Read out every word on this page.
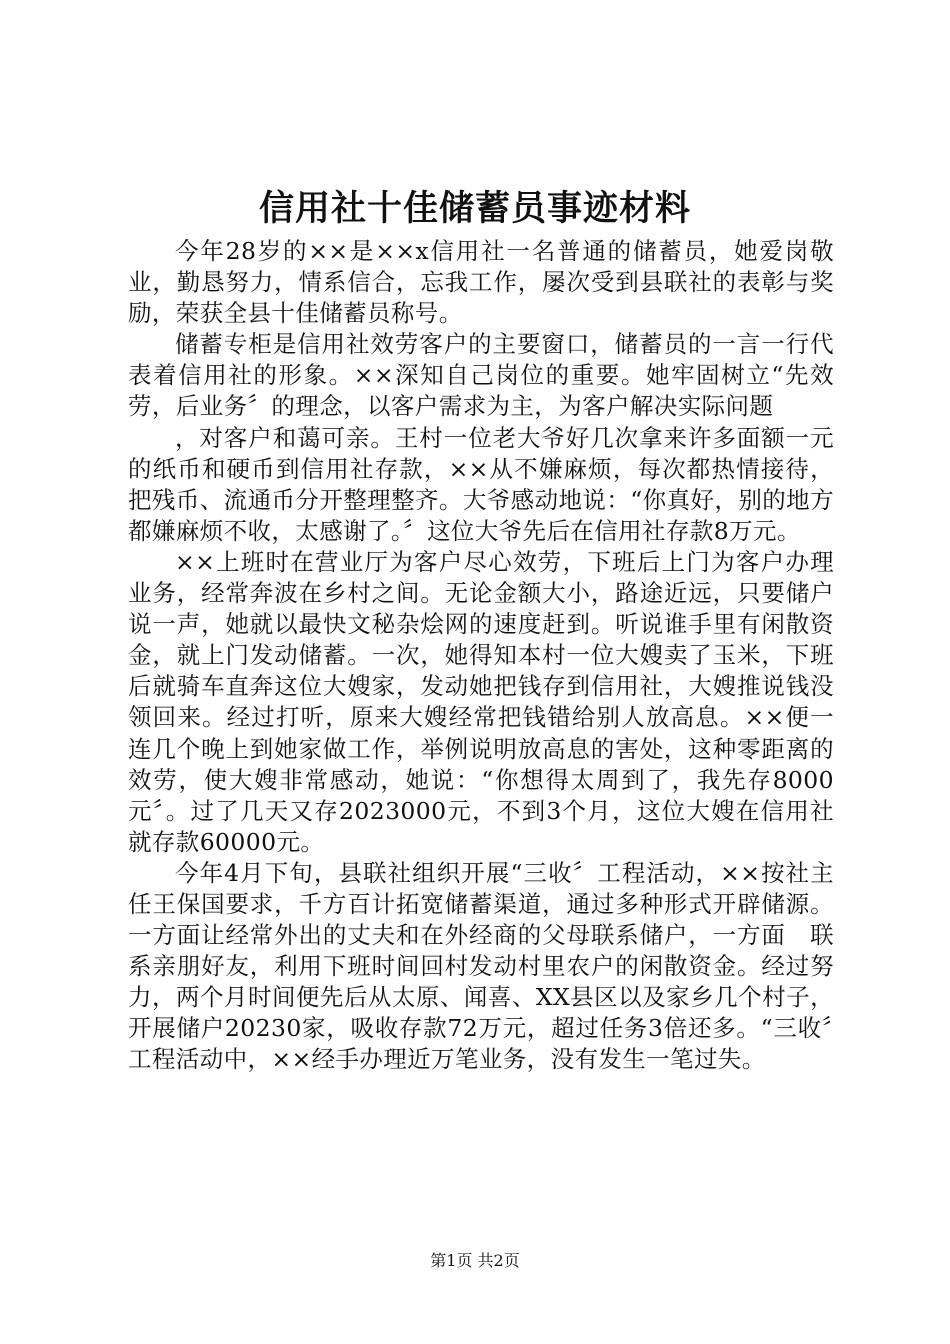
信用社十佳储蓄员事迹材料

今年28岁的××是××x信用社一名普通的储蓄员，她爱岗敬业，勤恳努力，情系信合，忘我工作，屡次受到县联社的表彰与奖励，荣获全县十佳储蓄员称号。

储蓄专柜是信用社效劳客户的主要窗口，储蓄员的一言一行代表着信用社的形象。××深知自己岗位的重要。她牢固树立“先效劳，后业务〞的理念，以客户需求为主，为客户解决实际问题

，对客户和蔼可亲。王村一位老大爷好几次拿来许多面额一元的纸币和硬币到信用社存款，××从不嫌麻烦，每次都热情接待，把残币、流通币分开整理整齐。大爷感动地说：“你真好，别的地方都嫌麻烦不收，太感谢了。〞这位大爷先后在信用社存款8万元。

××上班时在营业厅为客户尽心效劳，下班后上门为客户办理业务，经常奔波在乡村之间。无论金额大小，路途近远，只要储户说一声，她就以最快文秘杂烩网的速度赶到。听说谁手里有闲散资金，就上门发动储蓄。一次，她得知本村一位大嫂卖了玉米，下班后就骑车直奔这位大嫂家，发动她把钱存到信用社，大嫂推说钱没领回来。经过打听，原来大嫂经常把钱错给别人放高息。××便一连几个晚上到她家做工作，举例说明放高息的害处，这种零距离的效劳，使大嫂非常感动，她说：“你想得太周到了，我先存8000元〞。过了几天又存2023000元，不到3个月，这位大嫂在信用社就存款60000元。

今年4月下旬，县联社组织开展“三收〞工程活动，××按社主任王保国要求，千方百计拓宽储蓄渠道，通过多种形式开辟储源。一方面让经常外出的丈夫和在外经商的父母联系储户，一方面　联系亲朋好友，利用下班时间回村发动村里农户的闲散资金。经过努力，两个月时间便先后从太原、闻喜、XX县区以及家乡几个村子，开展储户20230家，吸收存款72万元，超过任务3倍还多。“三收〞工程活动中，××经手办理近万笔业务，没有发生一笔过失。

第1页 共2页
